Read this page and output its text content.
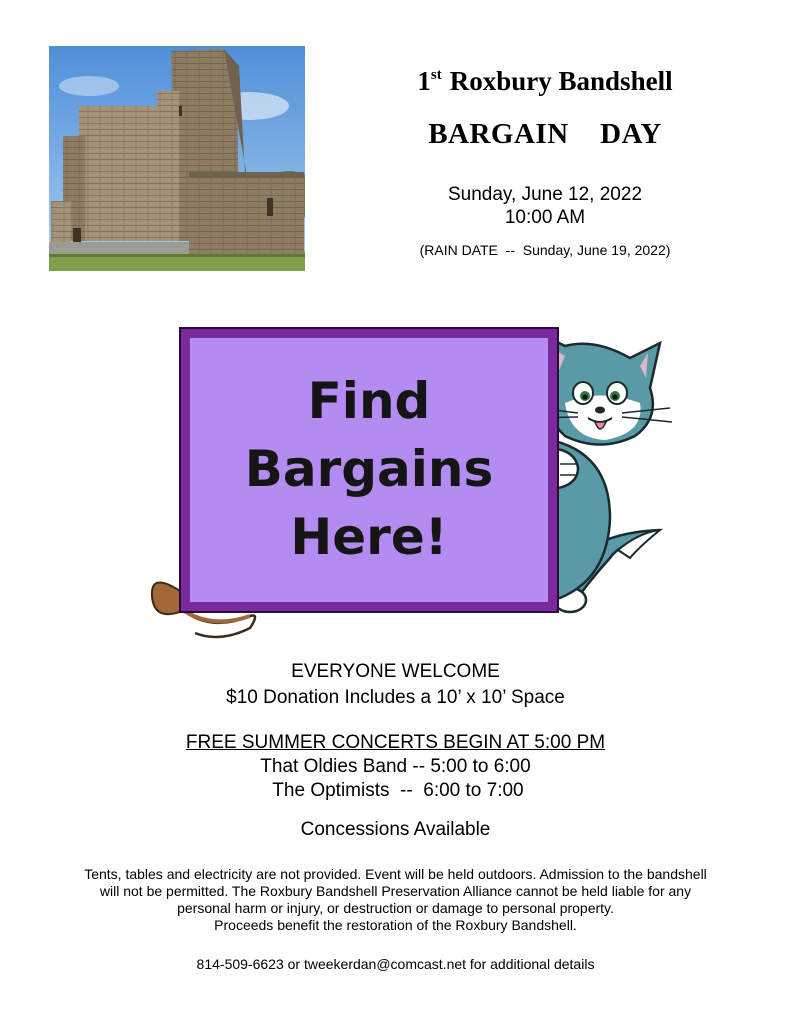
1st Roxbury Bandshell
BARGAIN  DAY
Sunday, June 12, 2022
10:00 AM
(RAIN DATE  --  Sunday, June 19, 2022)
Find
Bargains
Here!
EVERYONE WELCOME
$10 Donation Includes a 10’ x 10’ Space
FREE SUMMER CONCERTS BEGIN AT 5:00 PM
That Oldies Band -- 5:00 to 6:00
The Optimists  --  6:00 to 7:00
Concessions Available
Tents, tables and electricity are not provided. Event will be held outdoors. Admission to the bandshell
will not be permitted. The Roxbury Bandshell Preservation Alliance cannot be held liable for any
personal harm or injury, or destruction or damage to personal property.
Proceeds benefit the restoration of the Roxbury Bandshell.
814-509-6623 or tweekerdan@comcast.net for additional details
